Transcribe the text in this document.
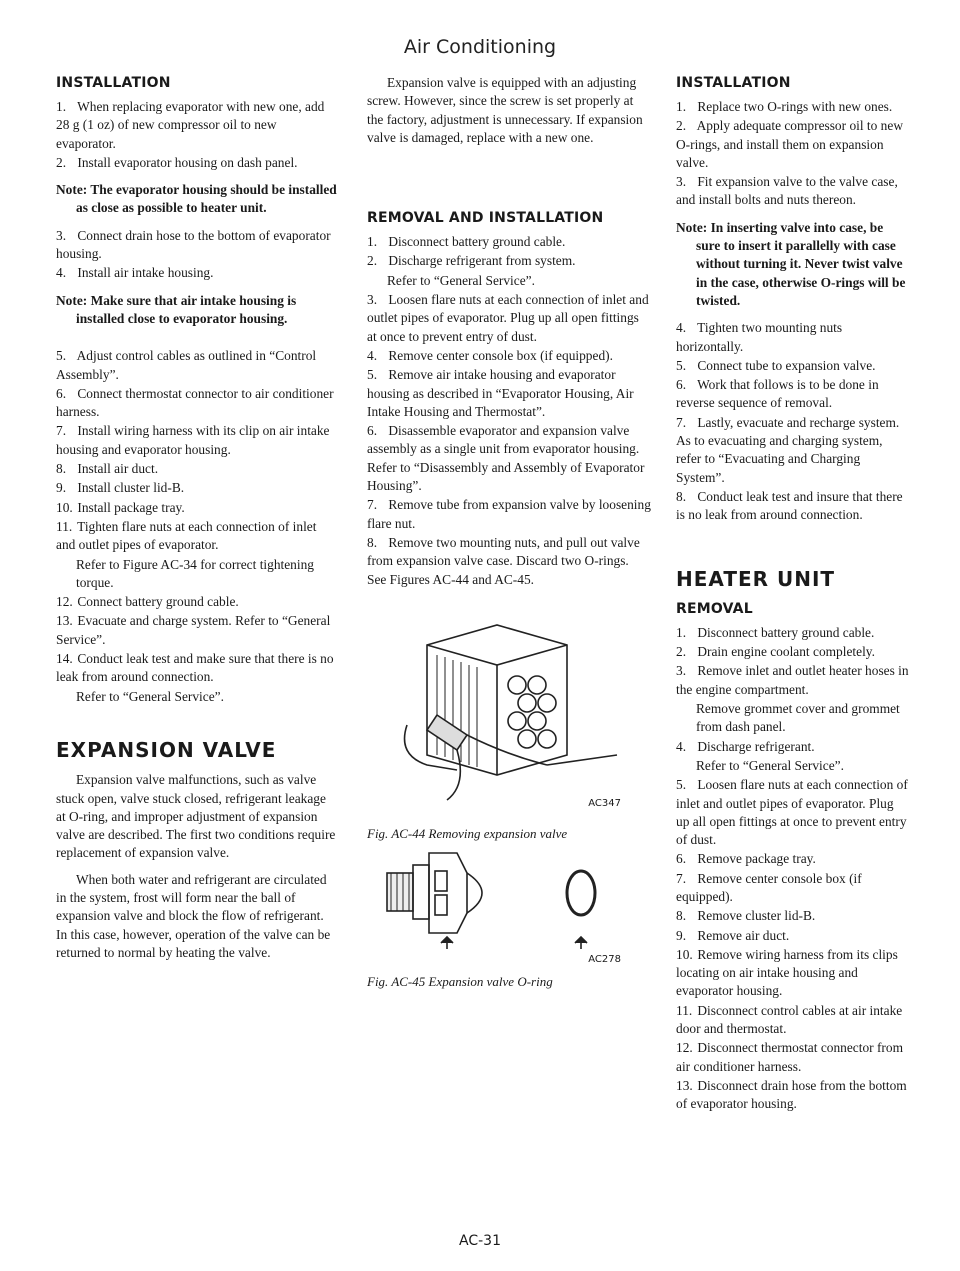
Air Conditioning
INSTALLATION
1. When replacing evaporator with new one, add 28 g (1 oz) of new compressor oil to new evaporator.
2. Install evaporator housing on dash panel.
Note: The evaporator housing should be installed as close as possible to heater unit.
3. Connect drain hose to the bottom of evaporator housing.
4. Install air intake housing.
Note: Make sure that air intake housing is installed close to evaporator housing.
5. Adjust control cables as outlined in “Control Assembly”.
6. Connect thermostat connector to air conditioner harness.
7. Install wiring harness with its clip on air intake housing and evaporator housing.
8. Install air duct.
9. Install cluster lid-B.
10. Install package tray.
11. Tighten flare nuts at each connection of inlet and outlet pipes of evaporator.
Refer to Figure AC-34 for correct tightening torque.
12. Connect battery ground cable.
13. Evacuate and charge system. Refer to “General Service”.
14. Conduct leak test and make sure that there is no leak from around connection.
Refer to “General Service”.
EXPANSION VALVE
Expansion valve malfunctions, such as valve stuck open, valve stuck closed, refrigerant leakage at O-ring, and improper adjustment of expansion valve are described. The first two conditions require replacement of expansion valve.
When both water and refrigerant are circulated in the system, frost will form near the ball of expansion valve and block the flow of refrigerant. In this case, however, operation of the valve can be returned to normal by heating the valve.
Expansion valve is equipped with an adjusting screw. However, since the screw is set properly at the factory, adjustment is unnecessary. If expansion valve is damaged, replace with a new one.
REMOVAL AND INSTALLATION
1. Disconnect battery ground cable.
2. Discharge refrigerant from system.
Refer to “General Service”.
3. Loosen flare nuts at each connection of inlet and outlet pipes of evaporator. Plug up all open fittings at once to prevent entry of dust.
4. Remove center console box (if equipped).
5. Remove air intake housing and evaporator housing as described in “Evaporator Housing, Air Intake Housing and Thermostat”.
6. Disassemble evaporator and expansion valve assembly as a single unit from evaporator housing. Refer to “Disassembly and Assembly of Evaporator Housing”.
7. Remove tube from expansion valve by loosening flare nut.
8. Remove two mounting nuts, and pull out valve from expansion valve case. Discard two O-rings. See Figures AC-44 and AC-45.
AC347
Fig. AC-44 Removing expansion valve
AC278
Fig. AC-45 Expansion valve O-ring
INSTALLATION
1. Replace two O-rings with new ones.
2. Apply adequate compressor oil to new O-rings, and install them on expansion valve.
3. Fit expansion valve to the valve case, and install bolts and nuts thereon.
Note: In inserting valve into case, be sure to insert it parallelly with case without turning it. Never twist valve in the case, otherwise O-rings will be twisted.
4. Tighten two mounting nuts horizontally.
5. Connect tube to expansion valve.
6. Work that follows is to be done in reverse sequence of removal.
7. Lastly, evacuate and recharge system. As to evacuating and charging system, refer to “Evacuating and Charging System”.
8. Conduct leak test and insure that there is no leak from around connection.
HEATER UNIT
REMOVAL
1. Disconnect battery ground cable.
2. Drain engine coolant completely.
3. Remove inlet and outlet heater hoses in the engine compartment.
Remove grommet cover and grommet from dash panel.
4. Discharge refrigerant.
Refer to “General Service”.
5. Loosen flare nuts at each connection of inlet and outlet pipes of evaporator. Plug up all open fittings at once to prevent entry of dust.
6. Remove package tray.
7. Remove center console box (if equipped).
8. Remove cluster lid-B.
9. Remove air duct.
10. Remove wiring harness from its clips locating on air intake housing and evaporator housing.
11. Disconnect control cables at air intake door and thermostat.
12. Disconnect thermostat connector from air conditioner harness.
13. Disconnect drain hose from the bottom of evaporator housing.
AC-31
